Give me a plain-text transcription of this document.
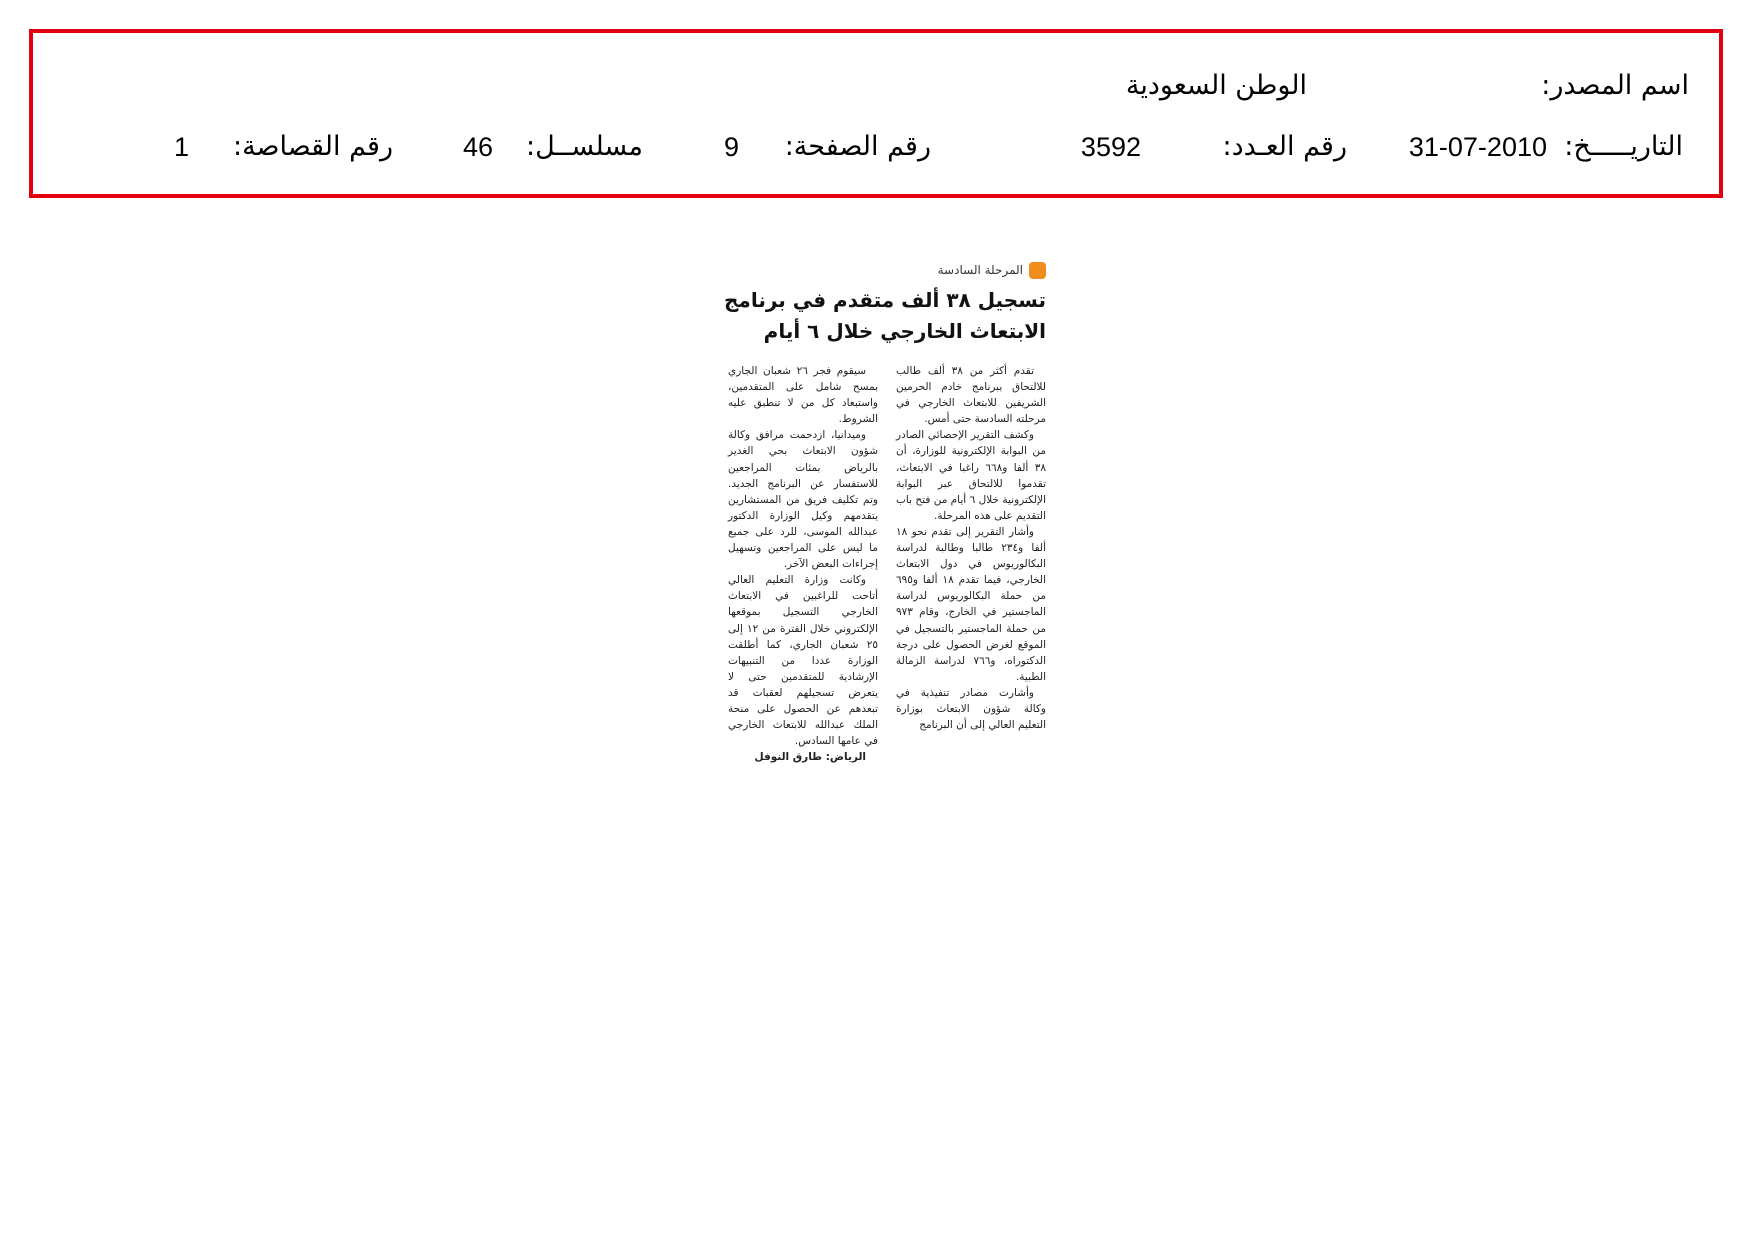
اسم المصدر:
الوطن السعودية
التاريـــــخ:
31-07-2010
رقم العـدد:
3592
رقم الصفحة:
9
مسلســل:
46
رقم القصاصة:
1
المرحلة السادسة
تسجيل ٣٨ ألف متقدم في برنامج الابتعاث الخارجي خلال ٦ أيام

تقدم أكثر من ٣٨ ألف طالب للالتحاق ببرنامج خادم الحرمين الشريفين للابتعاث الخارجي في مرحلته السادسة حتى أمس.

وكشف التقرير الإحصائي الصادر من البوابة الإلكترونية للوزارة، أن ٣٨ ألفا و٦٦٨ راغبا في الابتعاث، تقدموا للالتحاق عبر البوابة الإلكترونية خلال ٦ أيام من فتح باب التقديم على هذه المرحلة.

وأشار التقرير إلى تقدم نحو ١٨ ألفا و٢٣٤ طالبا وطالبة لدراسة البكالوريوس في دول الابتعاث الخارجي، فيما تقدم ١٨ ألفا و٦٩٥ من حملة البكالوريوس لدراسة الماجستير في الخارج، وقام ٩٧٣ من حملة الماجستير بالتسجيل في الموقع لغرض الحصول على درجة الدكتوراه، و٧٦٦ لدراسة الزمالة الطبية.

وأشارت مصادر تنفيذية في وكالة شؤون الابتعاث بوزارة التعليم العالي إلى أن البرنامج

سيقوم فجر ٢٦ شعبان الجاري بمسح شامل على المتقدمين، واستبعاد كل من لا تنطبق عليه الشروط.

وميدانيا، ازدحمت مرافق وكالة شؤون الابتعاث بحي الغدير بالرياض بمئات المراجعين للاستفسار عن البرنامج الجديد. وتم تكليف فريق من المستشارين يتقدمهم وكيل الوزارة الدكتور عبدالله الموسى، للرد على جميع ما ليس على المراجعين وتسهيل إجراءات البعض الآخر.

وكانت وزارة التعليم العالي أتاحت للراغبين في الابتعاث الخارجي التسجيل بموقعها الإلكتروني خلال الفترة من ١٢ إلى ٢٥ شعبان الجاري، كما أطلقت الوزارة عددا من التنبيهات الإرشادية للمتقدمين حتى لا يتعرض تسجيلهم لعقبات قد تبعدهم عن الحصول على منحة الملك عبدالله للابتعاث الخارجي في عامها السادس.

الرياض: طارق النوفل
